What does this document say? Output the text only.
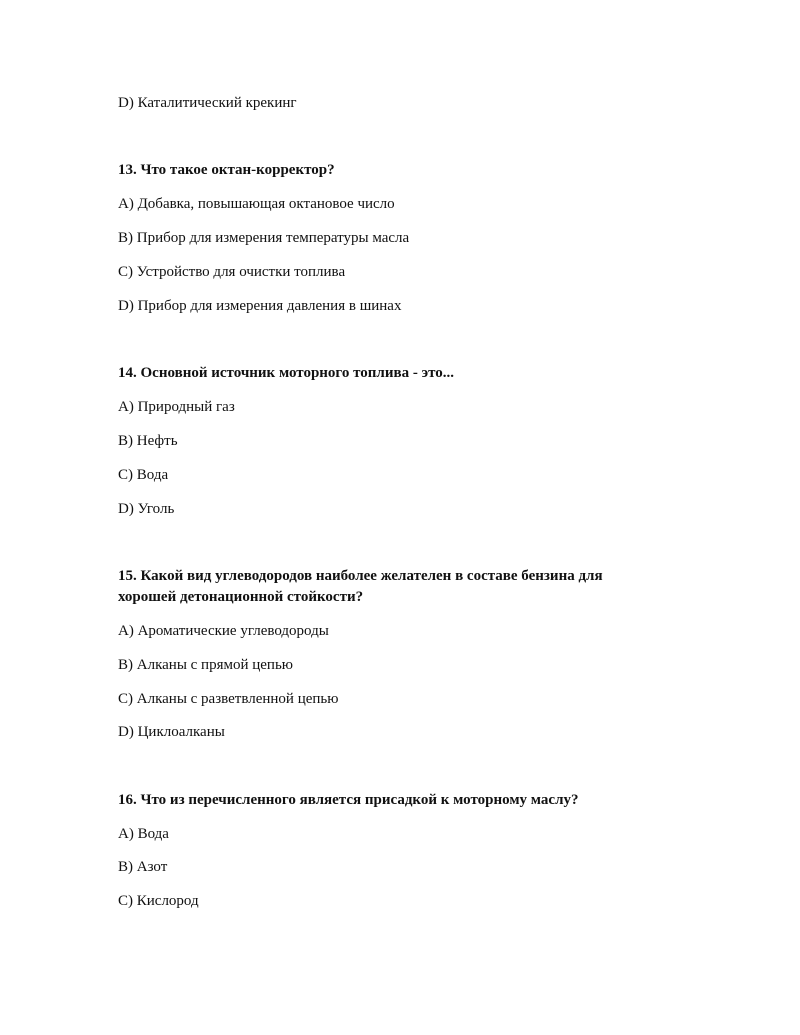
D) Каталитический крекинг
13. Что такое октан-корректор?
A) Добавка, повышающая октановое число
B) Прибор для измерения температуры масла
C) Устройство для очистки топлива
D) Прибор для измерения давления в шинах
14. Основной источник моторного топлива - это...
A) Природный газ
B) Нефть
C) Вода
D) Уголь
15. Какой вид углеводородов наиболее желателен в составе бензина для хорошей детонационной стойкости?
A) Ароматические углеводороды
B) Алканы с прямой цепью
C) Алканы с разветвленной цепью
D) Циклоалканы
16. Что из перечисленного является присадкой к моторному маслу?
A) Вода
B) Азот
C) Кислород
